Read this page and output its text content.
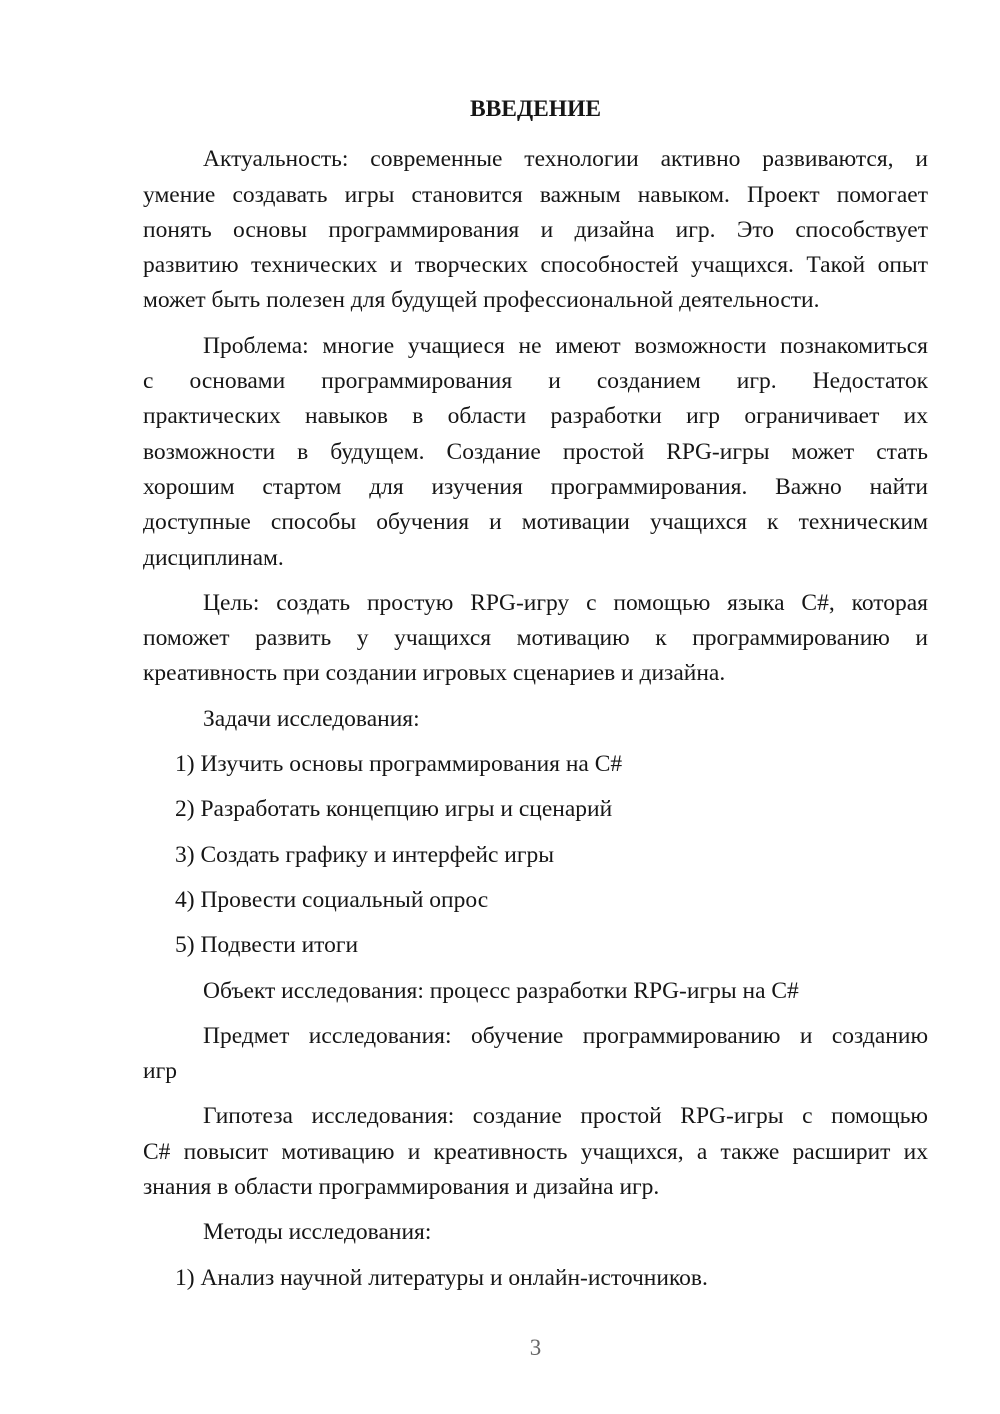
ВВЕДЕНИЕ
Актуальность: современные технологии активно развиваются, и
умение создавать игры становится важным навыком. Проект помогает
понять основы программирования и дизайна игр. Это способствует
развитию технических и творческих способностей учащихся. Такой опыт
может быть полезен для будущей профессиональной деятельности.
Проблема: многие учащиеся не имеют возможности познакомиться
с основами программирования и созданием игр. Недостаток
практических навыков в области разработки игр ограничивает их
возможности в будущем. Создание простой RPG-игры может стать
хорошим стартом для изучения программирования. Важно найти
доступные способы обучения и мотивации учащихся к техническим
дисциплинам.
Цель: создать простую RPG-игру с помощью языка C#, которая
поможет развить у учащихся мотивацию к программированию и
креативность при создании игровых сценариев и дизайна.
Задачи исследования:
1) Изучить основы программирования на C#
2) Разработать концепцию игры и сценарий
3) Создать графику и интерфейс игры
4) Провести социальный опрос
5) Подвести итоги
Объект исследования: процесс разработки RPG-игры на C#
Предмет исследования: обучение программированию и созданию
игр
Гипотеза исследования: создание простой RPG-игры с помощью
C# повысит мотивацию и креативность учащихся, а также расширит их
знания в области программирования и дизайна игр.
Методы исследования:
1) Анализ научной литературы и онлайн-источников.
3
